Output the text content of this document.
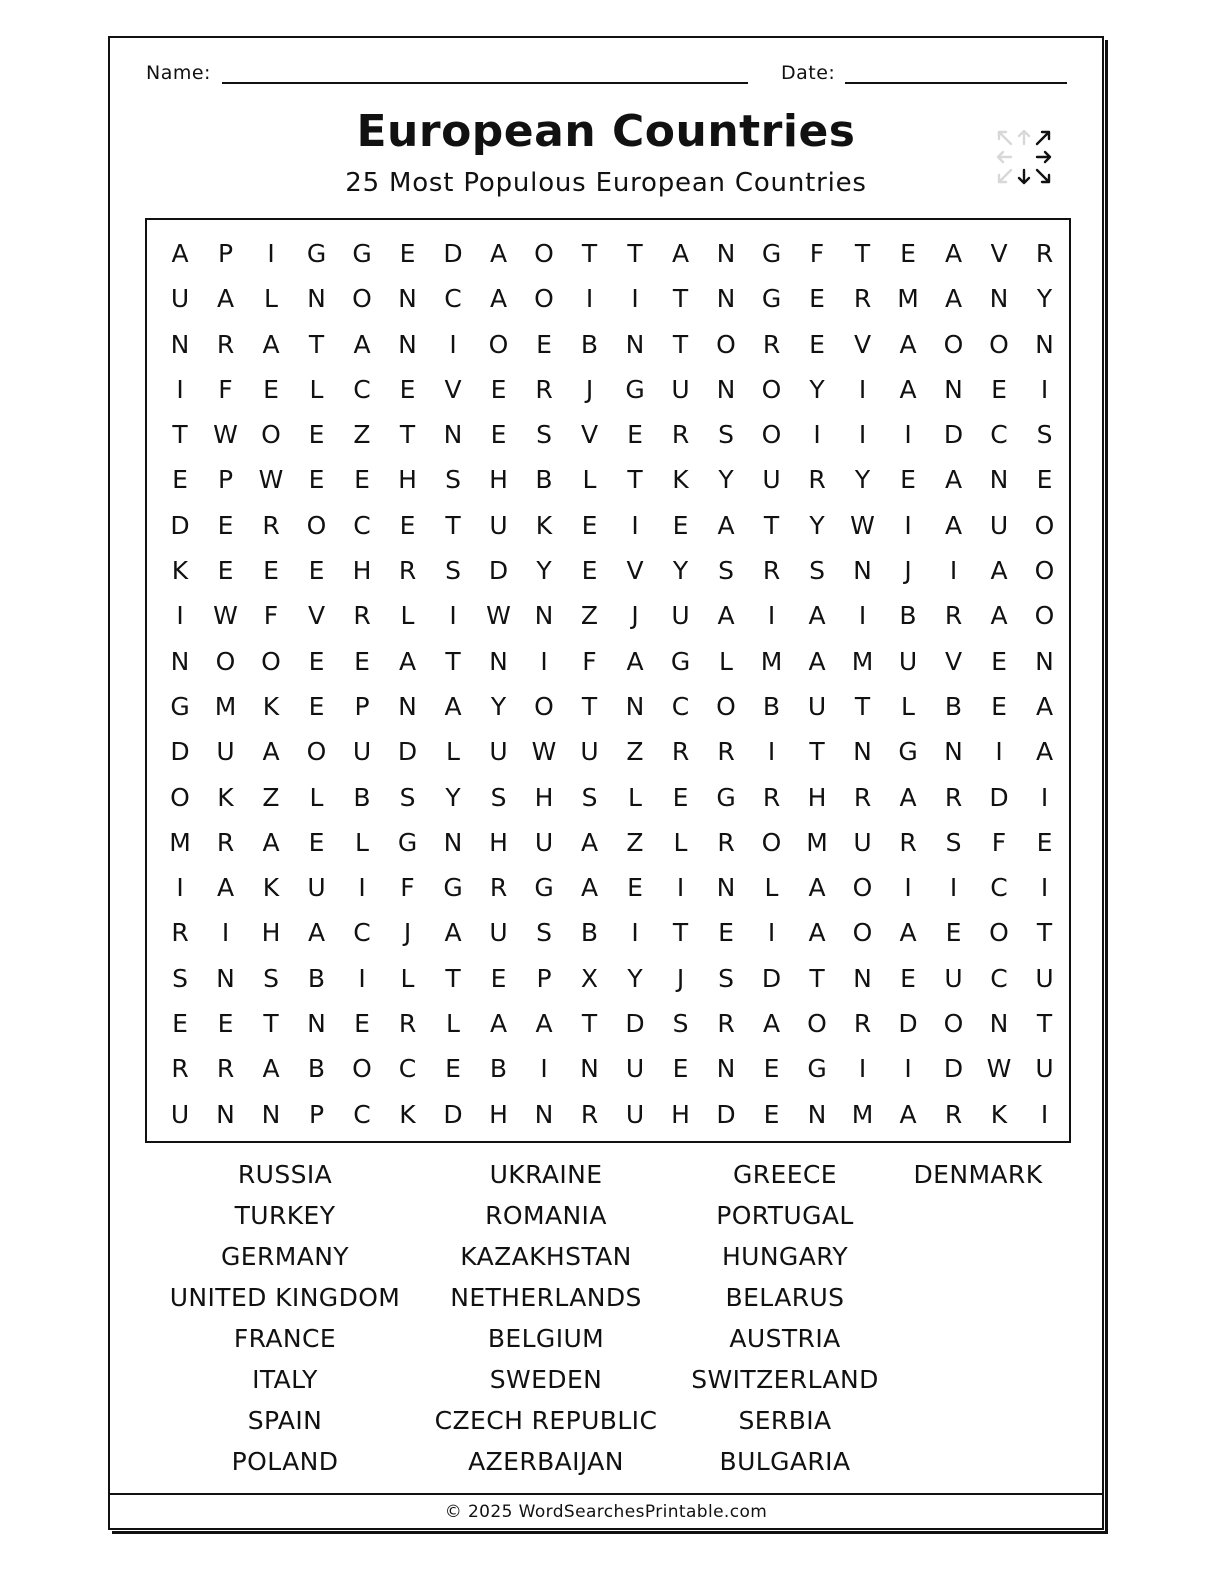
Name:	Date:
European Countries
25 Most Populous European Countries
A P	I	G G E D A O T T A N G	F	T E A V R
U A	L	N O N C A O	I	I	T N G E R M A N Y
N R A T A N	I	O E B N T O R E V A O O N
I	F	E	L	C E V E R	J	G U N O Y	I	A N E	I
T W O E Z T N E S V E R S O	I	I	I	D C S
E P W E E H S H B	L	T K Y U R Y E A N E
D E R O C E T U K E	I	E A T Y W	I	A U O
K E E E H R S D Y E V Y S R S N	J	I	A O
I	W	F	V R	L	I	W N Z	J	U A	I	A	I	B R A O
N O O E E A T N	I	F	A G	L	M A M U V E N
G M K E P N A Y O T N C O B U T	L	B E A
D U A O U D	L	U W U Z R R	I	T N G N	I	A
O K Z	L	B S Y S H S	L	E G R H R A R D	I
M R A E	L	G N H U A Z	L	R O M U R S	F	E
I	A K U	I	F	G R G A E	I	N	L	A O	I	I	C	I
R	I	H A C	J	A U S B	I	T E	I	A O A E O T
S N S B	I	L	T E P X Y	J	S D T N E U C U
E E T N E R	L	A A T D S R A O R D O N T
R R A B O C E B	I	N U E N E G	I	I	D W U
U N N P C K D H N R U H D E N M A R K	I
RUSSIA
TURKEY
GERMANY
UNITED KINGDOM
FRANCE
ITALY
SPAIN
POLAND
UKRAINE
ROMANIA
KAZAKHSTAN
NETHERLANDS
BELGIUM
SWEDEN
CZECH REPUBLIC
AZERBAIJAN
GREECE
PORTUGAL
HUNGARY
BELARUS
AUSTRIA
SWITZERLAND
SERBIA
BULGARIA
DENMARK
© 2025 WordSearchesPrintable.com
